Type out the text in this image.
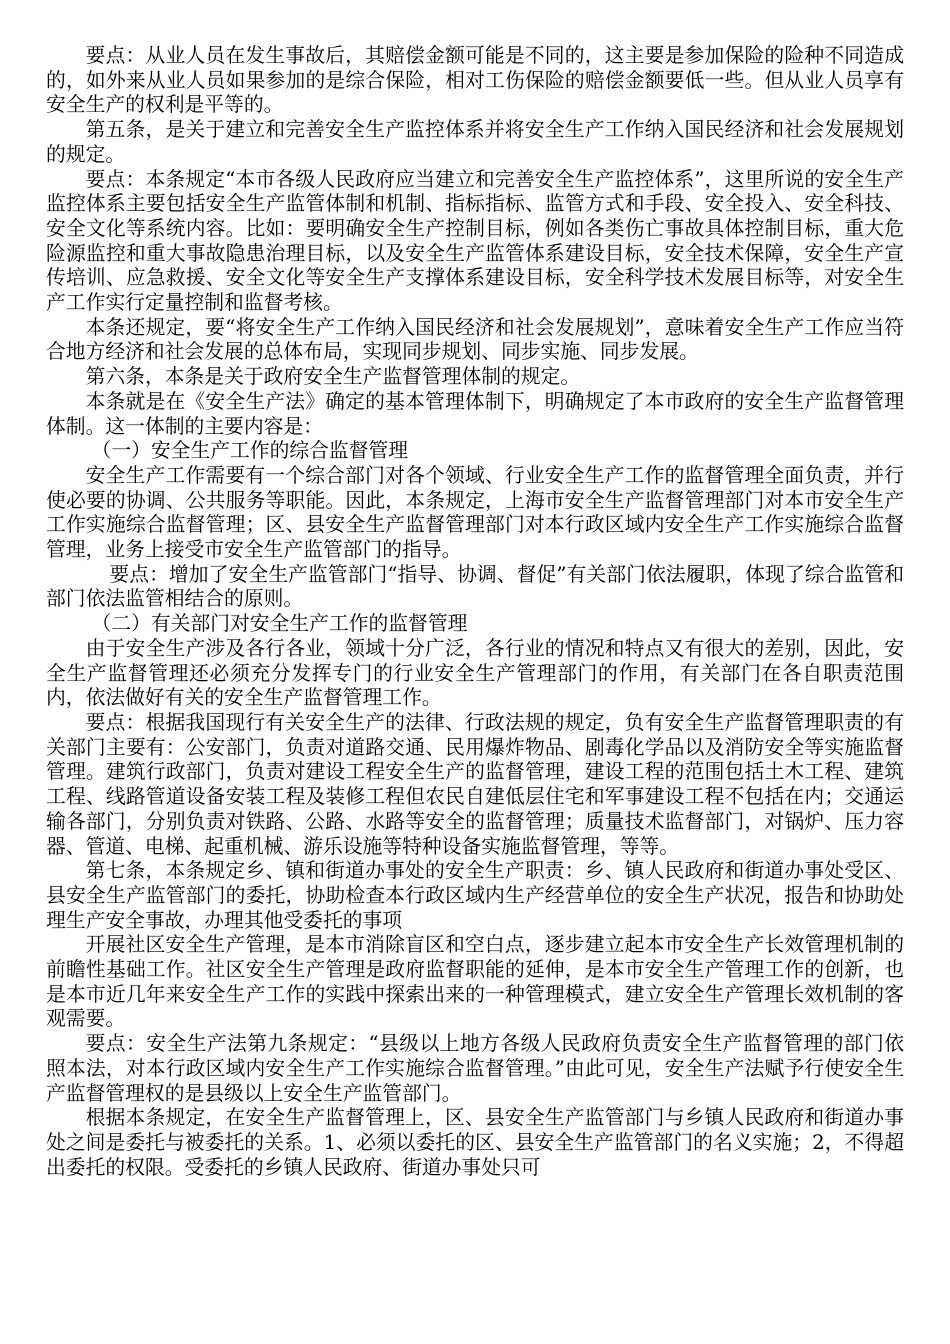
要点：从业人员在发生事故后，其赔偿金额可能是不同的，这主要是参加保险的险种不同造成的，如外来从业人员如果参加的是综合保险，相对工伤保险的赔偿金额要低一些。但从业人员享有安全生产的权利是平等的。

第五条，是关于建立和完善安全生产监控体系并将安全生产工作纳入国民经济和社会发展规划的规定。

要点：本条规定“本市各级人民政府应当建立和完善安全生产监控体系”，这里所说的安全生产监控体系主要包括安全生产监管体制和机制、指标指标、监管方式和手段、安全投入、安全科技、安全文化等系统内容。比如：要明确安全生产控制目标，例如各类伤亡事故具体控制目标，重大危险源监控和重大事故隐患治理目标，以及安全生产监管体系建设目标，安全技术保障，安全生产宣传培训、应急救援、安全文化等安全生产支撑体系建设目标，安全科学技术发展目标等，对安全生产工作实行定量控制和监督考核。

本条还规定，要“将安全生产工作纳入国民经济和社会发展规划”，意味着安全生产工作应当符合地方经济和社会发展的总体布局，实现同步规划、同步实施、同步发展。

第六条，本条是关于政府安全生产监督管理体制的规定。

本条就是在《安全生产法》确定的基本管理体制下，明确规定了本市政府的安全生产监督管理体制。这一体制的主要内容是：

（一）安全生产工作的综合监督管理

安全生产工作需要有一个综合部门对各个领域、行业安全生产工作的监督管理全面负责，并行使必要的协调、公共服务等职能。因此，本条规定，上海市安全生产监督管理部门对本市安全生产工作实施综合监督管理；区、县安全生产监督管理部门对本行政区域内安全生产工作实施综合监督管理，业务上接受市安全生产监管部门的指导。

要点：增加了安全生产监管部门“指导、协调、督促”有关部门依法履职，体现了综合监管和部门依法监管相结合的原则。

（二）有关部门对安全生产工作的监督管理

由于安全生产涉及各行各业，领域十分广泛，各行业的情况和特点又有很大的差别，因此，安全生产监督管理还必须充分发挥专门的行业安全生产管理部门的作用，有关部门在各自职责范围内，依法做好有关的安全生产监督管理工作。

要点：根据我国现行有关安全生产的法律、行政法规的规定，负有安全生产监督管理职责的有关部门主要有：公安部门，负责对道路交通、民用爆炸物品、剧毒化学品以及消防安全等实施监督管理。建筑行政部门，负责对建设工程安全生产的监督管理，建设工程的范围包括土木工程、建筑工程、线路管道设备安装工程及装修工程但农民自建低层住宅和军事建设工程不包括在内；交通运输各部门，分别负责对铁路、公路、水路等安全的监督管理；质量技术监督部门，对锅炉、压力容器、管道、电梯、起重机械、游乐设施等特种设备实施监督管理，等等。

第七条，本条规定乡、镇和街道办事处的安全生产职责：乡、镇人民政府和街道办事处受区、县安全生产监管部门的委托，协助检查本行政区域内生产经营单位的安全生产状况，报告和协助处理生产安全事故，办理其他受委托的事项

开展社区安全生产管理，是本市消除盲区和空白点，逐步建立起本市安全生产长效管理机制的前瞻性基础工作。社区安全生产管理是政府监督职能的延伸，是本市安全生产管理工作的创新，也是本市近几年来安全生产工作的实践中探索出来的一种管理模式，建立安全生产管理长效机制的客观需要。

要点：安全生产法第九条规定：“县级以上地方各级人民政府负责安全生产监督管理的部门依照本法，对本行政区域内安全生产工作实施综合监督管理。”由此可见，安全生产法赋予行使安全生产监督管理权的是县级以上安全生产监管部门。

根据本条规定，在安全生产监督管理上，区、县安全生产监管部门与乡镇人民政府和街道办事处之间是委托与被委托的关系。1、必须以委托的区、县安全生产监管部门的名义实施；2，不得超出委托的权限。受委托的乡镇人民政府、街道办事处只可
